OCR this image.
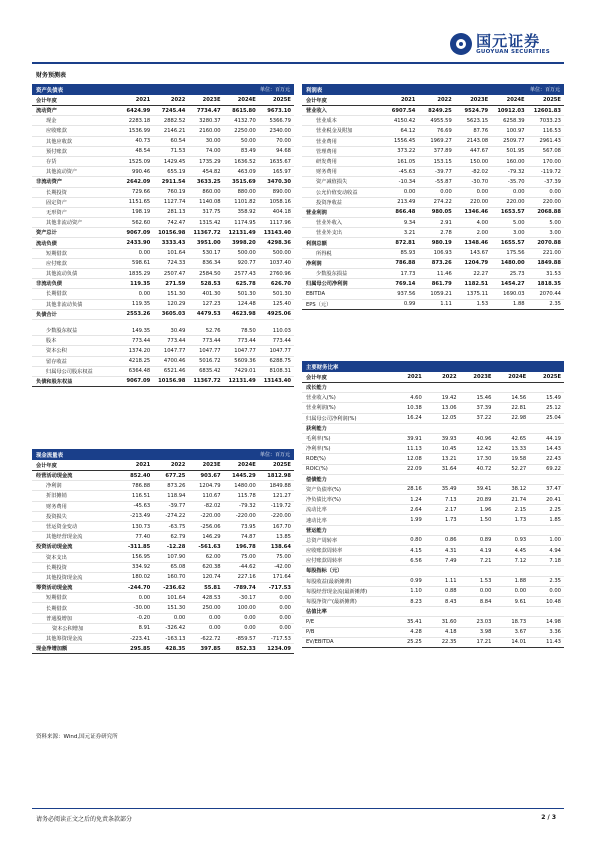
国元证券
GUOYUAN SECURITIES
财务预测表
资产负债表	单位：百万元
会计年度	2021	2022	2023E	2024E	2025E
流动资产	6424.99	7245.44	7734.47	8615.80	9673.10
现金	2283.18	2882.52	3280.37	4132.70	5366.79
应收账款	1536.99	2146.21	2160.00	2250.00	2340.00
其他应收款	40.73	60.54	30.00	50.00	70.00
预付账款	48.54	71.53	74.00	83.49	94.68
存货	1525.09	1429.45	1735.29	1636.52	1635.67
其他流动资产	990.46	655.19	454.82	463.09	165.97
非流动资产	2642.09	2911.54	3633.25	3515.69	3470.30
长期投资	729.66	760.19	860.00	880.00	890.00
固定资产	1151.65	1127.74	1140.08	1101.82	1058.16
无形资产	198.19	281.13	317.75	358.92	404.18
其他非流动资产	562.60	742.47	1315.42	1174.95	1117.96
资产总计	9067.09	10156.98	11367.72	12131.49	13143.40
流动负债	2433.90	3333.43	3951.00	3998.20	4298.36
短期借款	0.00	101.64	530.17	500.00	500.00
应付账款	598.61	724.33	836.34	920.77	1037.40
其他流动负债	1835.29	2507.47	2584.50	2577.43	2760.96
非流动负债	119.35	271.59	528.53	625.78	626.70
长期借款	0.00	151.30	401.30	501.30	501.30
其他非流动负债	119.35	120.29	127.23	124.48	125.40
负债合计	2553.26	3605.03	4479.53	4623.98	4925.06
少数股东权益	149.35	30.49	52.76	78.50	110.03
股本	773.44	773.44	773.44	773.44	773.44
资本公积	1374.20	1047.77	1047.77	1047.77	1047.77
留存收益	4218.25	4700.46	5016.72	5609.36	6288.75
归属母公司股东权益	6364.48	6521.46	6835.42	7429.01	8108.31
负债和股东权益	9067.09	10156.98	11367.72	12131.49	13143.40
现金流量表	单位：百万元
会计年度	2021	2022	2023E	2024E	2025E
经营活动现金流	852.40	677.25	903.67	1445.29	1812.98
净利润	786.88	873.26	1204.79	1480.00	1849.88
折旧摊销	116.51	118.94	110.67	115.78	121.27
财务费用	-45.63	-39.77	-82.02	-79.32	-119.72
投资损失	-213.49	-274.22	-220.00	-220.00	-220.00
营运资金变动	130.73	-63.75	-256.06	73.95	167.70
其他经营现金流	77.40	62.79	146.29	74.87	13.85
投资活动现金流	-311.85	-12.28	-561.63	196.78	138.64
资本支出	156.95	107.90	62.00	75.00	75.00
长期投资	334.92	65.08	620.38	-44.62	-42.00
其他投资现金流	180.02	160.70	120.74	227.16	171.64
筹资活动现金流	-244.70	-236.62	55.81	-789.74	-717.53
短期借款	0.00	101.64	428.53	-30.17	0.00
长期借款	-30.00	151.30	250.00	100.00	0.00
普通股增加	-0.20	0.00	0.00	0.00	0.00
资本公积增加	8.91	-326.42	0.00	0.00	0.00
其他筹资现金流	-223.41	-163.13	-622.72	-859.57	-717.53
现金净增加额	295.85	428.35	397.85	852.33	1234.09
利润表	单位：百万元
会计年度	2021	2022	2023E	2024E	2025E
营业收入	6907.54	8249.25	9524.79	10912.03	12601.83
营业成本	4150.42	4955.59	5623.15	6258.39	7033.23
营业税金及附加	64.12	76.69	87.76	100.97	116.53
营业费用	1556.45	1969.27	2143.08	2509.77	2961.43
管理费用	373.22	377.89	447.67	501.95	567.08
研发费用	161.05	153.15	150.00	160.00	170.00
财务费用	-45.63	-39.77	-82.02	-79.32	-119.72
资产减值损失	-10.34	-55.87	-30.70	-35.70	-37.39
公允价值变动收益	0.00	0.00	0.00	0.00	0.00
投资净收益	213.49	274.22	220.00	220.00	220.00
营业利润	866.48	980.05	1346.46	1653.57	2068.88
营业外收入	9.34	2.91	4.00	5.00	5.00
营业外支出	3.21	2.78	2.00	3.00	3.00
利润总额	872.81	980.19	1348.46	1655.57	2070.88
所得税	85.93	106.93	143.67	175.56	221.00
净利润	786.88	873.26	1204.79	1480.00	1849.88
少数股东损益	17.73	11.46	22.27	25.73	31.53
归属母公司净利润	769.14	861.79	1182.51	1454.27	1818.35
EBITDA	937.56	1059.21	1375.11	1690.03	2070.44
EPS（元）	0.99	1.11	1.53	1.88	2.35
主要财务比率
会计年度	2021	2022	2023E	2024E	2025E
成长能力
营业收入(%)	4.60	19.42	15.46	14.56	15.49
营业利润(%)	10.38	13.06	37.39	22.81	25.12
归属母公司净利润(%)	16.24	12.05	37.22	22.98	25.04
获利能力
毛利率(%)	39.91	39.93	40.96	42.65	44.19
净利率(%)	11.13	10.45	12.42	13.33	14.43
ROE(%)	12.08	13.21	17.30	19.58	22.43
ROIC(%)	22.09	31.64	40.72	52.27	69.22
偿债能力
资产负债率(%)	28.16	35.49	39.41	38.12	37.47
净负债比率(%)	1.24	7.13	20.89	21.74	20.41
流动比率	2.64	2.17	1.96	2.15	2.25
速动比率	1.99	1.73	1.50	1.73	1.85
营运能力
总资产周转率	0.80	0.86	0.89	0.93	1.00
应收账款周转率	4.15	4.31	4.19	4.45	4.94
应付账款周转率	6.56	7.49	7.21	7.12	7.18
每股指标（元）
每股收益(最新摊薄)	0.99	1.11	1.53	1.88	2.35
每股经营现金流(最新摊薄)	1.10	0.88	0.00	0.00	0.00
每股净资产(最新摊薄)	8.23	8.43	8.84	9.61	10.48
估值比率
P/E	35.41	31.60	23.03	18.73	14.98
P/B	4.28	4.18	3.98	3.67	3.36
EV/EBITDA	25.25	22.35	17.21	14.01	11.43
资料来源：Wind,国元证券研究所
请务必阅读正文之后的免责条款部分	2 / 3
